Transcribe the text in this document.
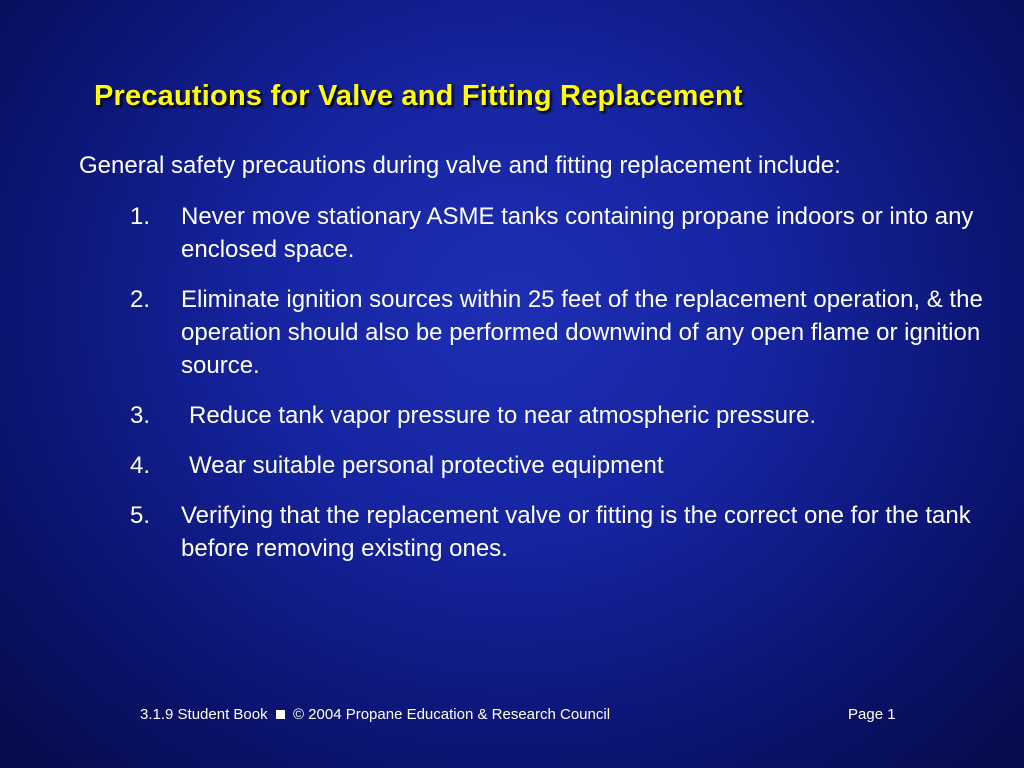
Precautions for Valve and Fitting Replacement
General safety precautions during valve and fitting replacement include:
1. Never move stationary ASME tanks containing propane indoors or into any enclosed space.
2. Eliminate ignition sources within 25 feet of the replacement operation, & the operation should also be performed downwind of any open flame or ignition source.
3. Reduce tank vapor pressure to near atmospheric pressure.
4. Wear suitable personal protective equipment
5. Verifying that the replacement valve or fitting is the correct one for the tank before removing existing ones.
3.1.9 Student Book © 2004 Propane Education & Research Council	Page 1
